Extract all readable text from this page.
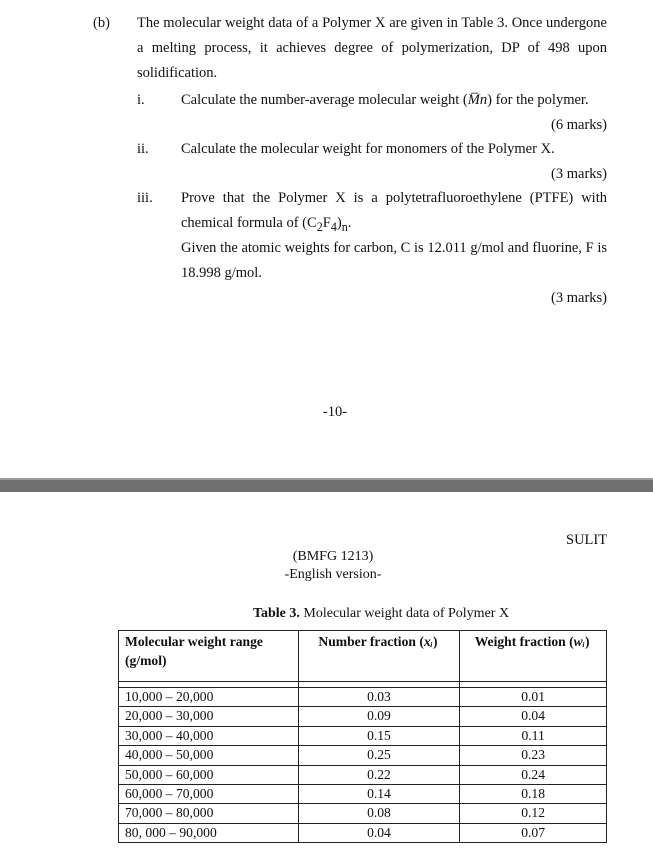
(b) The molecular weight data of a Polymer X are given in Table 3. Once undergone
a melting process, it achieves degree of polymerization, DP of 498 upon
solidification.
i.	Calculate the number-average molecular weight (M̅n) for the polymer.
(6 marks)
ii. Calculate the molecular weight for monomers of the Polymer X.
(3 marks)
iii. Prove that the Polymer X is a polytetrafluoroethylene (PTFE) with
chemical formula of $(C_2F_4)_n$.
Given the atomic weights for carbon, C is 12.011 g/mol and fluorine, F is
18.998 g/mol.
(3 marks)
-10-
SULIT
(BMFG 1213)
-English version-
Table 3. Molecular weight data of Polymer X
Molecular weight range
(g/mol)	Number fraction (xᵢ)	Weight fraction (wᵢ)

10,000 – 20,000	0.03	0.01
20,000 – 30,000	0.09	0.04
30,000 – 40,000	0.15	0.11
40,000 – 50,000	0.25	0.23
50,000 – 60,000	0.22	0.24
60,000 – 70,000	0.14	0.18
70,000 – 80,000	0.08	0.12
80, 000 – 90,000	0.04	0.07
